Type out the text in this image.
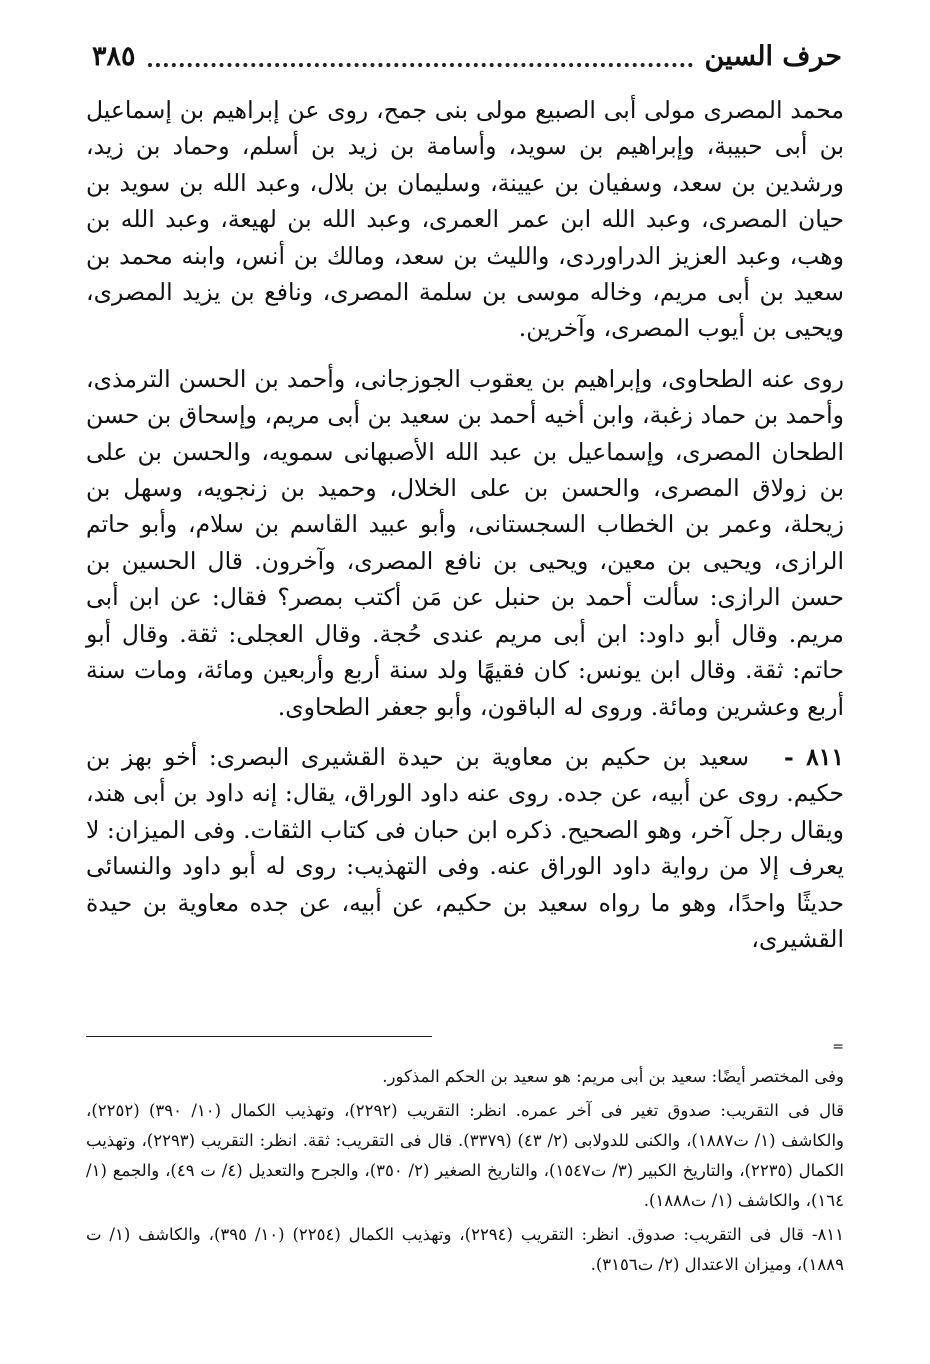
حرف السين
٣٨٥

محمد المصرى مولى أبى الصبيع مولى بنى جمح، روى عن إبراهيم بن إسماعيل بن أبى حبيبة، وإبراهيم بن سويد، وأسامة بن زيد بن أسلم، وحماد بن زيد، ورشدين بن سعد، وسفيان بن عيينة، وسليمان بن بلال، وعبد الله بن سويد بن حيان المصرى، وعبد الله ابن عمر العمرى، وعبد الله بن لهيعة، وعبد الله بن وهب، وعبد العزيز الدراوردى، والليث بن سعد، ومالك بن أنس، وابنه محمد بن سعيد بن أبى مريم، وخاله موسى بن سلمة المصرى، ونافع بن يزيد المصرى، ويحيى بن أيوب المصرى، وآخرين.

روى عنه الطحاوى، وإبراهيم بن يعقوب الجوزجانى، وأحمد بن الحسن الترمذى، وأحمد بن حماد زغبة، وابن أخيه أحمد بن سعيد بن أبى مريم، وإسحاق بن حسن الطحان المصرى، وإسماعيل بن عبد الله الأصبهانى سمويه، والحسن بن على بن زولاق المصرى، والحسن بن على الخلال، وحميد بن زنجويه، وسهل بن زيحلة، وعمر بن الخطاب السجستانى، وأبو عبيد القاسم بن سلام، وأبو حاتم الرازى، ويحيى بن معين، ويحيى بن نافع المصرى، وآخرون. قال الحسين بن حسن الرازى: سألت أحمد بن حنبل عن مَن أكتب بمصر؟ فقال: عن ابن أبى مريم. وقال أبو داود: ابن أبى مريم عندى حُجة. وقال العجلى: ثقة. وقال أبو حاتم: ثقة. وقال ابن يونس: كان فقيهًا ولد سنة أربع وأربعين ومائة، ومات سنة أربع وعشرين ومائة. وروى له الباقون، وأبو جعفر الطحاوى.

٨١١ -   سعيد بن حكيم بن معاوية بن حيدة القشيرى البصرى: أخو بهز بن حكيم. روى عن أبيه، عن جده. روى عنه داود الوراق، يقال: إنه داود بن أبى هند، ويقال رجل آخر، وهو الصحيح. ذكره ابن حبان فى كتاب الثقات. وفى الميزان: لا يعرف إلا من رواية داود الوراق عنه. وفى التهذيب: روى له أبو داود والنسائى حديثًا واحدًا، وهو ما رواه سعيد بن حكيم، عن أبيه، عن جده معاوية بن حيدة القشيرى،

=

وفى المختصر أيضًا: سعيد بن أبى مريم: هو سعيد بن الحكم المذكور.

قال فى التقريب: صدوق تغير فى آخر عمره. انظر: التقريب (٢٢٩٢)، وتهذيب الكمال (١٠/ ٣٩٠) (٢٢٥٢)، والكاشف (١/ ت١٨٨٧)، والكنى للدولابى (٢/ ٤٣) (٣٣٧٩). قال فى التقريب: ثقة. انظر: التقريب (٢٢٩٣)، وتهذيب الكمال (٢٢٣٥)، والتاريخ الكبير (٣/ ت١٥٤٧)، والتاريخ الصغير (٢/ ٣٥٠)، والجرح والتعديل (٤/ ت ٤٩)، والجمع (١/ ١٦٤)، والكاشف (١/ ت١٨٨٨).

٨١١- قال فى التقريب: صدوق. انظر: التقريب (٢٢٩٤)، وتهذيب الكمال (٢٢٥٤) (١٠/ ٣٩٥)، والكاشف (١/ ت ١٨٨٩)، وميزان الاعتدال (٢/ ت٣١٥٦).
